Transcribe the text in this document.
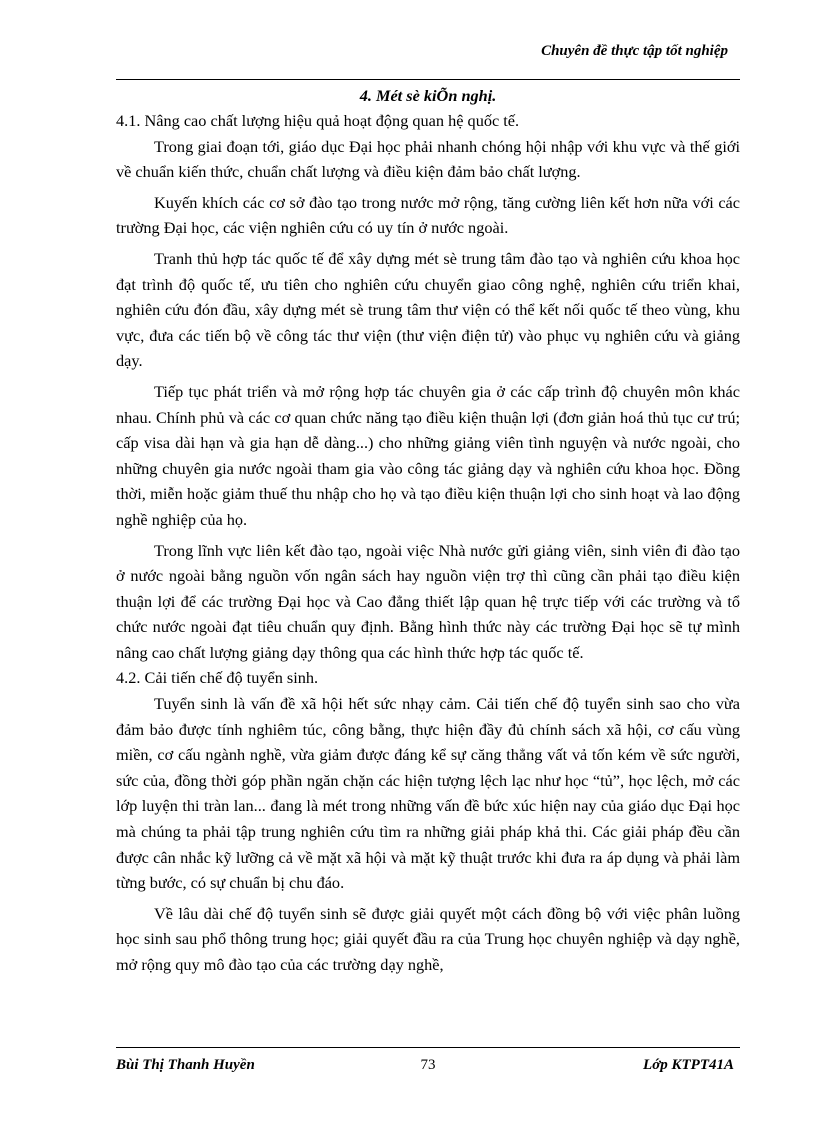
Chuyên đề thực tập tốt nghiệp

4. Mét sè kiÕn nghị.

4.1. Nâng cao chất lượng hiệu quả hoạt động quan hệ quốc tế.

Trong giai đoạn tới, giáo dục Đại học phải nhanh chóng hội nhập với khu vực và thế giới về chuẩn kiến thức, chuẩn chất lượng và điều kiện đảm bảo chất lượng.

Kuyến khích các cơ sở đào tạo trong nước mở rộng, tăng cường liên kết hơn nữa với các trường Đại học, các viện nghiên cứu có uy tín ở nước ngoài.

Tranh thủ hợp tác quốc tế để xây dựng mét sè trung tâm đào tạo và nghiên cứu khoa học đạt trình độ quốc tế, ưu tiên cho nghiên cứu chuyển giao công nghệ, nghiên cứu triển khai, nghiên cứu đón đầu, xây dựng mét sè trung tâm thư viện có thể kết nối quốc tế theo vùng, khu vực, đưa các tiến bộ về công tác thư viện (thư viện điện tử) vào phục vụ nghiên cứu và giảng dạy.

Tiếp tục phát triển và mở rộng hợp tác chuyên gia ở các cấp trình độ chuyên môn khác nhau. Chính phủ và các cơ quan chức năng tạo điều kiện thuận lợi (đơn giản hoá thủ tục cư trú; cấp visa dài hạn và gia hạn dễ dàng...) cho những giảng viên tình nguyện và nước ngoài, cho những chuyên gia nước ngoài tham gia vào công tác giảng dạy và nghiên cứu khoa học. Đồng thời, miễn hoặc giảm thuế thu nhập cho họ và tạo điều kiện thuận lợi cho sinh hoạt và lao động nghề nghiệp của họ.

Trong lĩnh vực liên kết đào tạo, ngoài việc Nhà nước gửi giảng viên, sinh viên đi đào tạo ở nước ngoài bằng nguồn vốn ngân sách hay nguồn viện trợ thì cũng cần phải tạo điều kiện thuận lợi để các trường Đại học và Cao đẳng thiết lập quan hệ trực tiếp với các trường và tổ chức nước ngoài đạt tiêu chuẩn quy định. Bằng hình thức này các trường Đại học sẽ tự mình nâng cao chất lượng giảng dạy thông qua các hình thức hợp tác quốc tế.

4.2. Cải tiến chế độ tuyển sinh.

Tuyển sinh là vấn đề xã hội hết sức nhạy cảm. Cải tiến chế độ tuyển sinh sao cho vừa đảm bảo được tính nghiêm túc, công bằng, thực hiện đầy đủ chính sách xã hội, cơ cấu vùng miền, cơ cấu ngành nghề, vừa giảm được đáng kể sự căng thẳng vất vả tốn kém về sức người, sức của, đồng thời góp phần ngăn chặn các hiện tượng lệch lạc như học “tủ”, học lệch, mở các lớp luyện thi tràn lan... đang là mét trong những vấn đề bức xúc hiện nay của giáo dục Đại học mà chúng ta phải tập trung nghiên cứu tìm ra những giải pháp khả thi. Các giải pháp đều cần được cân nhắc kỹ lưỡng cả về mặt xã hội và mặt kỹ thuật trước khi đưa ra áp dụng và phải làm từng bước, có sự chuẩn bị chu đáo.

Về lâu dài chế độ tuyển sinh sẽ được giải quyết một cách đồng bộ với việc phân luồng học sinh sau phổ thông trung học; giải quyết đầu ra của Trung học chuyên nghiệp và dạy nghề, mở rộng quy mô đào tạo của các trường dạy nghề,

Bùi Thị Thanh Huyền	73	Lớp KTPT41A
